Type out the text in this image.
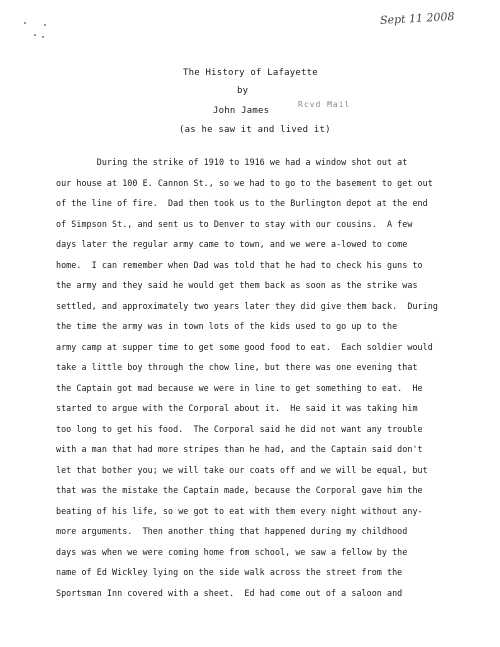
Sept 11 2008
The History of Lafayette
by
John James
Rcvd Mail
(as he saw it and lived it)
During the strike of 1910 to 1916 we had a window shot out at
our house at 100 E. Cannon St., so we had to go to the basement to get out
of the line of fire.  Dad then took us to the Burlington depot at the end
of Simpson St., and sent us to Denver to stay with our cousins.  A few
days later the regular army came to town, and we were a-lowed to come
home.  I can remember when Dad was told that he had to check his guns to
the army and they said he would get them back as soon as the strike was
settled, and approximately two years later they did give them back.  During
the time the army was in town lots of the kids used to go up to the
army camp at supper time to get some good food to eat.  Each soldier would
take a little boy through the chow line, but there was one evening that
the Captain got mad because we were in line to get something to eat.  He
started to argue with the Corporal about it.  He said it was taking him
too long to get his food.  The Corporal said he did not want any trouble
with a man that had more stripes than he had, and the Captain said don't
let that bother you; we will take our coats off and we will be equal, but
that was the mistake the Captain made, because the Corporal gave him the
beating of his life, so we got to eat with them every night without any-
more arguments.  Then another thing that happened during my childhood
days was when we were coming home from school, we saw a fellow by the
name of Ed Wickley lying on the side walk across the street from the
Sportsman Inn covered with a sheet.  Ed had come out of a saloon and
